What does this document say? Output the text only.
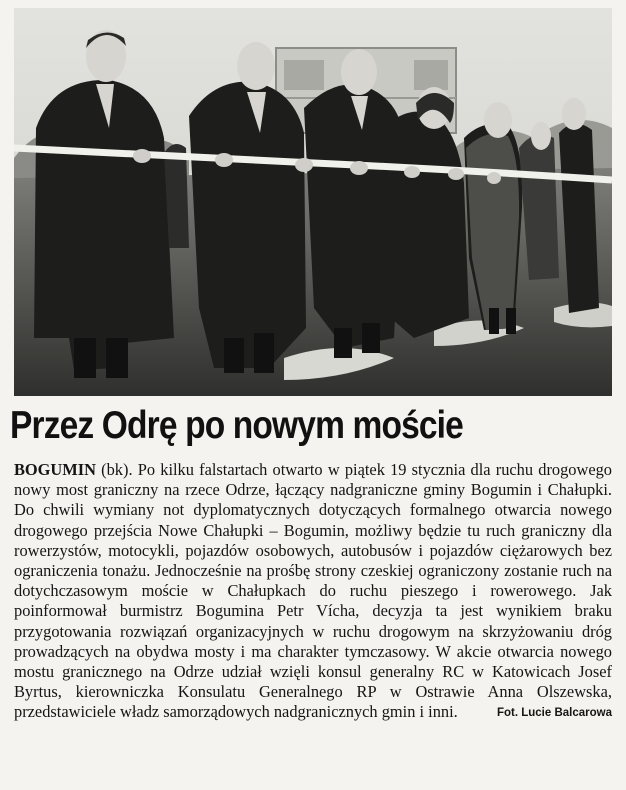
Przez Odrę po nowym moście
BOGUMIN (bk). Po kilku falstartach otwarto w piątek 19 stycznia dla ruchu drogowego nowy most graniczny na rzece Odrze, łączący nadgraniczne gminy Bogumin i Chałupki. Do chwili wymiany not dyplomatycznych dotyczących formalnego otwarcia nowego drogowego przejścia Nowe Chałupki – Bogumin, możliwy będzie tu ruch graniczny dla rowerzystów, motocykli, pojazdów osobowych, autobusów i pojazdów ciężarowych bez ograniczenia tonażu. Jednocześnie na prośbę strony czeskiej ograniczony zostanie ruch na dotychczasowym moście w Chałupkach do ruchu pieszego i rowerowego. Jak poinformował burmistrz Bogumina Petr Vícha, decyzja ta jest wynikiem braku przygotowania rozwiązań organizacyjnych w ruchu drogowym na skrzyżowaniu dróg prowadzących na obydwa mosty i ma charakter tymczasowy. W akcie otwarcia nowego mostu granicznego na Odrze udział wzięli konsul generalny RC w Katowicach Josef Byrtus, kierowniczka Konsulatu Generalnego RP w Ostrawie Anna Olszewska, przedstawiciele władz samorządowych nadgranicznych gmin i inni.	Fot. Lucie Balcarowa
